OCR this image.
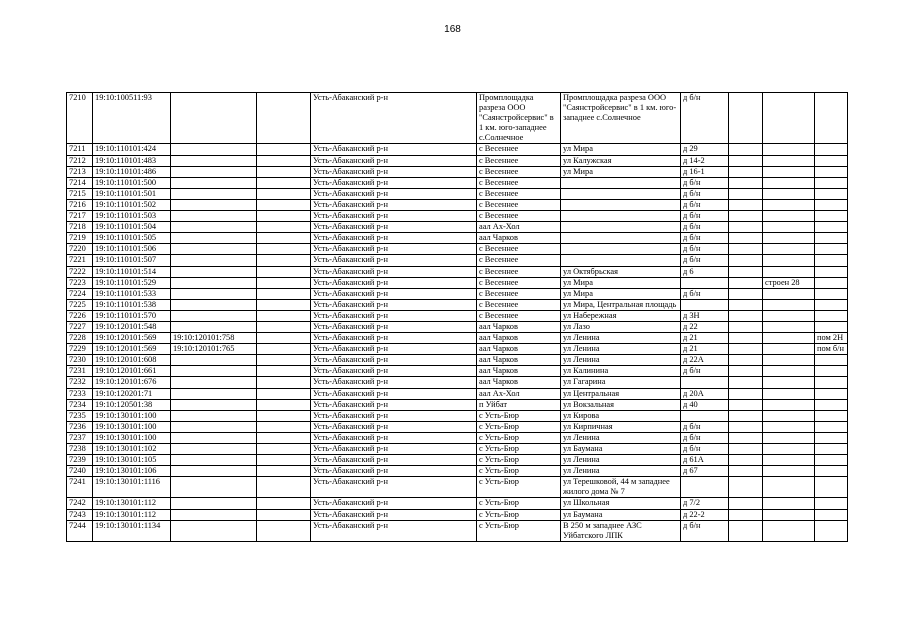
168
7210	19:10:100511:93			Усть-Абаканский р-н	Промплощадка разреза ООО "Саянстройсервис" в 1 км. юго-западнее с.Солнечное	Промплощадка разреза ООО "Саянстройсервис" в 1 км. юго-западнее с.Солнечное	д б/н			
7211	19:10:110101:424			Усть-Абаканский р-н	с Весеннее	ул Мира	д 29			
7212	19:10:110101:483			Усть-Абаканский р-н	с Весеннее	ул Калужская	д 14-2			
7213	19:10:110101:486			Усть-Абаканский р-н	с Весеннее	ул Мира	д 16-1			
7214	19:10:110101:500			Усть-Абаканский р-н	с Весеннее		д б/н			
7215	19:10:110101:501			Усть-Абаканский р-н	с Весеннее		д б/н			
7216	19:10:110101:502			Усть-Абаканский р-н	с Весеннее		д б/н			
7217	19:10:110101:503			Усть-Абаканский р-н	с Весеннее		д б/н			
7218	19:10:110101:504			Усть-Абаканский р-н	аал Ах-Хол		д б/н			
7219	19:10:110101:505			Усть-Абаканский р-н	аал Чарков		д б/н			
7220	19:10:110101:506			Усть-Абаканский р-н	с Весеннее		д б/н			
7221	19:10:110101:507			Усть-Абаканский р-н	с Весеннее		д б/н			
7222	19:10:110101:514			Усть-Абаканский р-н	с Весеннее	ул Октябрьская	д 6			
7223	19:10:110101:529			Усть-Абаканский р-н	с Весеннее	ул Мира			строен 28	
7224	19:10:110101:533			Усть-Абаканский р-н	с Весеннее	ул Мира	д б/н			
7225	19:10:110101:538			Усть-Абаканский р-н	с Весеннее	ул Мира, Центральная площадь				
7226	19:10:110101:570			Усть-Абаканский р-н	с Весеннее	ул Набережная	д 3Н			
7227	19:10:120101:548			Усть-Абаканский р-н	аал Чарков	ул Лазо	д 22			
7228	19:10:120101:569	19:10:120101:758		Усть-Абаканский р-н	аал Чарков	ул Ленина	д 21			пом 2Н
7229	19:10:120101:569	19:10:120101:765		Усть-Абаканский р-н	аал Чарков	ул Ленина	д 21			пом б/н
7230	19:10:120101:608			Усть-Абаканский р-н	аал Чарков	ул Ленина	д 22А			
7231	19:10:120101:661			Усть-Абаканский р-н	аал Чарков	ул Калинина	д б/н			
7232	19:10:120101:676			Усть-Абаканский р-н	аал Чарков	ул Гагарина				
7233	19:10:120201:71			Усть-Абаканский р-н	аал Ах-Хол	ул Центральная	д 20А			
7234	19:10:120501:38			Усть-Абаканский р-н	п Уйбат	ул Вокзальная	д 40			
7235	19:10:130101:100			Усть-Абаканский р-н	с Усть-Бюр	ул Кирова				
7236	19:10:130101:100			Усть-Абаканский р-н	с Усть-Бюр	ул Кирпичная	д б/н			
7237	19:10:130101:100			Усть-Абаканский р-н	с Усть-Бюр	ул Ленина	д б/н			
7238	19:10:130101:102			Усть-Абаканский р-н	с Усть-Бюр	ул Баумана	д б/н			
7239	19:10:130101:105			Усть-Абаканский р-н	с Усть-Бюр	ул Ленина	д 61А			
7240	19:10:130101:106			Усть-Абаканский р-н	с Усть-Бюр	ул Ленина	д 67			
7241	19:10:130101:1116			Усть-Абаканский р-н	с Усть-Бюр	ул Терешковой, 44 м западнее жилого дома № 7				
7242	19:10:130101:112			Усть-Абаканский р-н	с Усть-Бюр	ул Школьная	д 7/2			
7243	19:10:130101:112			Усть-Абаканский р-н	с Усть-Бюр	ул Баумана	д 22-2			
7244	19:10:130101:1134			Усть-Абаканский р-н	с Усть-Бюр	В 250 м западнее АЗС Уйбатского ЛПК	д б/н			
